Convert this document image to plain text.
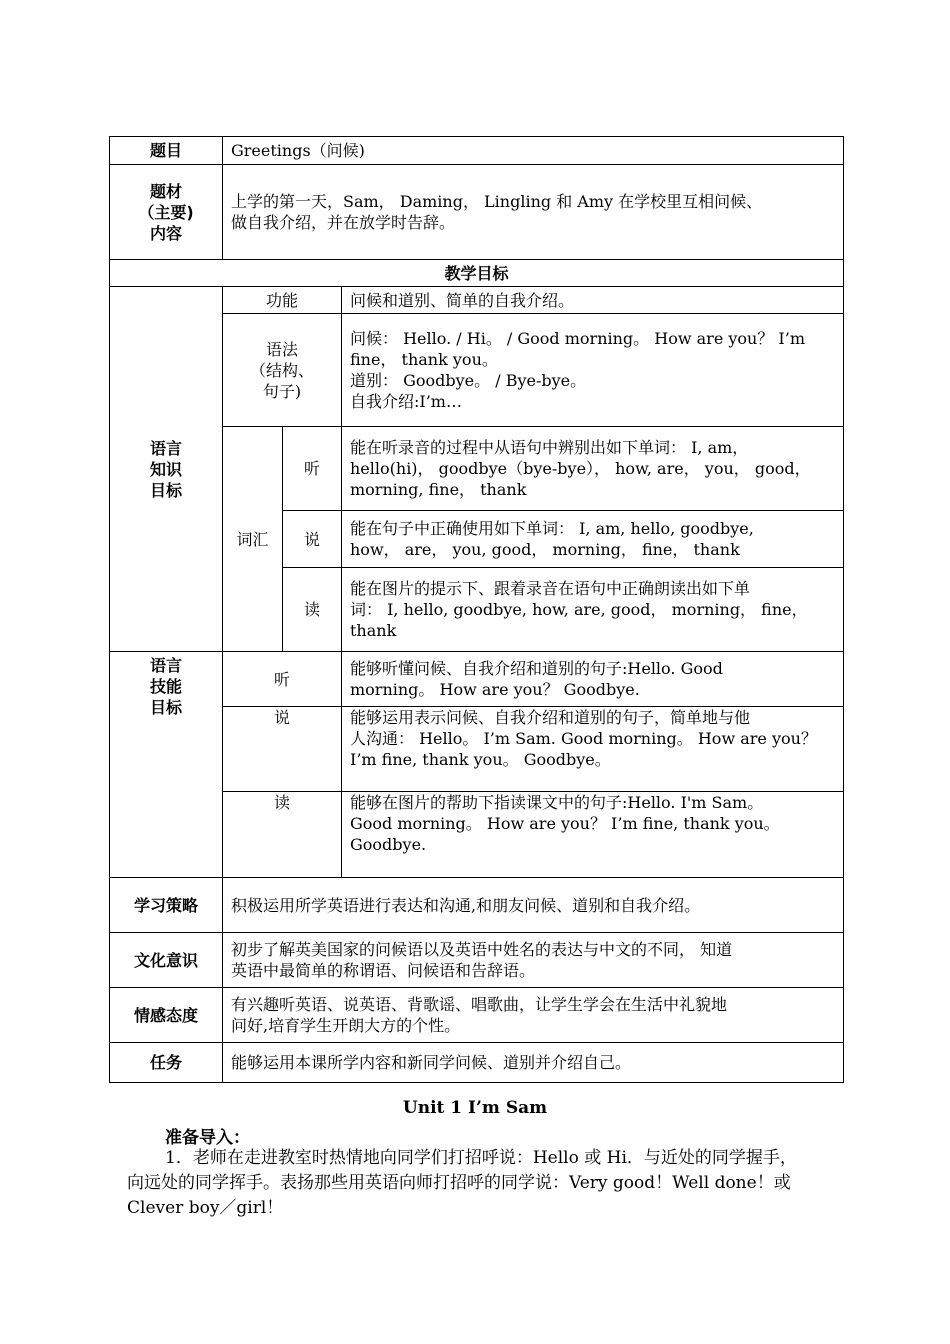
题目	Greetings（问候)		

题材
（主要)
内容	上学的第一天，Sam， Daming， Lingling 和 Amy 在学校里互相问候、
做自我介绍，并在放学时告辞。		

教学目标			

语言
知识
目标	功能		问候和道别、简单的自我介绍。

	语法
（结构、
句子)		问候： Hello. / Hi。 / Good morning。 How are you？ I’m
fine， thank you。
道别： Goodbye。 / Bye-bye。
自我介绍:I’m…

	词汇	听	能在听录音的过程中从语句中辨别出如下单词： I, am，
hello(hi)， goodbye（bye-bye）， how, are， you， good，
morning, fine， thank

		说	能在句子中正确使用如下单词： I, am, hello, goodbye,
how， are， you, good， morning， fine， thank

		读	能在图片的提示下、跟着录音在语句中正确朗读出如下单
词： I, hello, goodbye, how, are, good， morning， fine，
thank

语言
技能
目标	听		能够听懂问候、自我介绍和道别的句子:Hello. Good
morning。 How are you？ Goodbye.

	说		能够运用表示问候、自我介绍和道别的句子，简单地与他
人沟通： Hello。 I’m Sam. Good morning。 How are you？
I’m fine, thank you。 Goodbye。

	读		能够在图片的帮助下指读课文中的句子:Hello. I'm Sam。
Good morning。 How are you？ I’m fine, thank you。
Goodbye.

学习策略	积极运用所学英语进行表达和沟通,和朋友问候、道别和自我介绍。		
文化意识	初步了解英美国家的问候语以及英语中姓名的表达与中文的不同， 知道
英语中最简单的称谓语、问候语和告辞语。		

情感态度	有兴趣听英语、说英语、背歌谣、唱歌曲，让学生学会在生活中礼貌地
问好,培育学生开朗大方的个性。		

任务	能够运用本课所学内容和新同学问候、道别并介绍自己。		
Unit 1 I’m Sam
准备导入：
1．老师在走进教室时热情地向同学们打招呼说：Hello 或 Hi．与近处的同学握手，
向远处的同学挥手。表扬那些用英语向师打招呼的同学说：Very good！Well done！或
Clever boy／girl！
